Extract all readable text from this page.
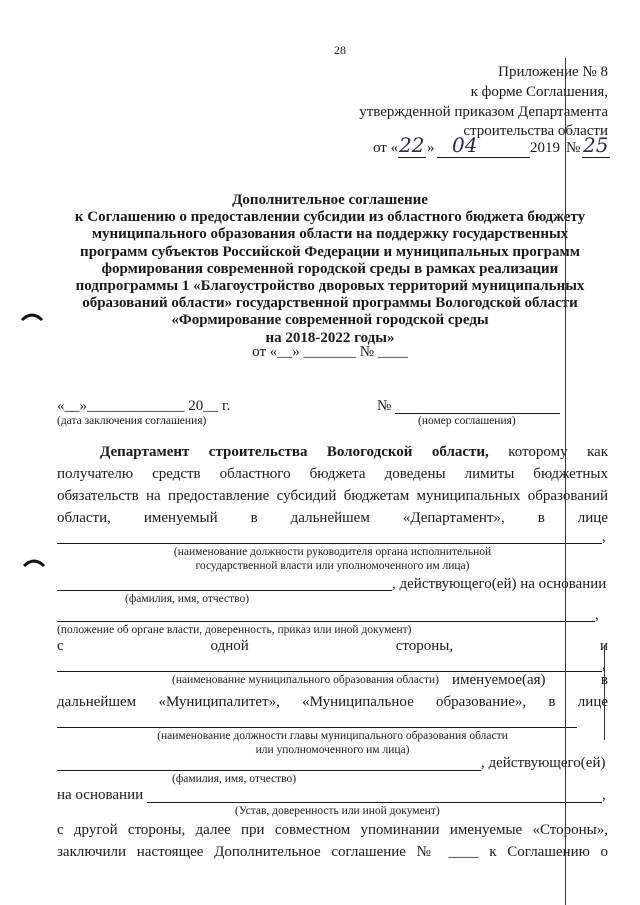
28
Приложение № 8
к форме Соглашения,
утвержденной приказом Департамента
строительства области
от « 22 » 04	2019 № 25
Дополнительное соглашение
к Соглашению о предоставлении субсидии из областного бюджета бюджету
муниципального образования области на поддержку государственных
программ субъектов Российской Федерации и муниципальных программ
формирования современной городской среды в рамках реализации
подпрограммы 1 «Благоустройство дворовых территорий муниципальных
образований области» государственной программы Вологодской области
«Формирование современной городской среды
на 2018-2022 годы»
от «__» _______ № ____
«__»_____________ 20__ г.
(дата заключения соглашения)
№
(номер соглашения)
Департамент строительства Вологодской области, которому как
получателю средств областного бюджета доведены лимиты бюджетных
обязательств на предоставление субсидий бюджетам муниципальных образований
области, именуемый в дальнейшем «Департамент», в лице
,
(наименование должности руководителя органа исполнительной
государственной власти или уполномоченного им лица)
, действующего(ей) на основании
(фамилия, имя, отчество)
,
(положение об органе власти, доверенность, приказ или иной документ)
с одной стороны, и
,
(наименование муниципального образования области) именуемое(ая) в
дальнейшем «Муниципалитет», «Муниципальное образование», в лице
(наименование должности главы муниципального образования области
или уполномоченного им лица)
, действующего(ей)
(фамилия, имя, отчество)
на основании	,
(Устав, доверенность или иной документ)
с другой стороны, далее при совместном упоминании именуемые «Стороны»,
заключили настоящее Дополнительное соглашение № ____ к Соглашению о
